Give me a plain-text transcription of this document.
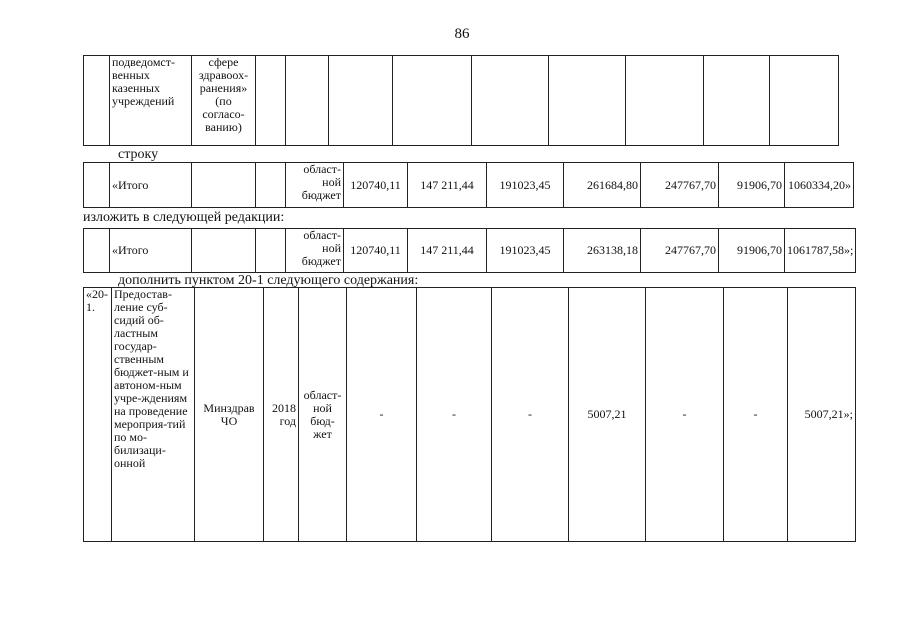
86
	подведомст-венных казенных учреждений	сфере здравоох-ранения» (по согласо-ванию)									
строку
	«Итого			област-ной бюджет	120740,11	147 211,44	191023,45	261684,80	247767,70	91906,70	1060334,20»
изложить в следующей редакции:
	«Итого			област-ной бюджет	120740,11	147 211,44	191023,45	263138,18	247767,70	91906,70	1061787,58»;
дополнить пунктом 20-1 следующего содержания:
«20-1.	Предостав-ление суб-сидий об-ластным государ-ственным бюджет-ным и автоном-ным учре-ждениям на проведение мероприя-тий по мо-билизаци-онной	Минздрав ЧО	2018 год	област-ной бюд-жет	-	-	-	5007,21	-	-	5007,21»;
